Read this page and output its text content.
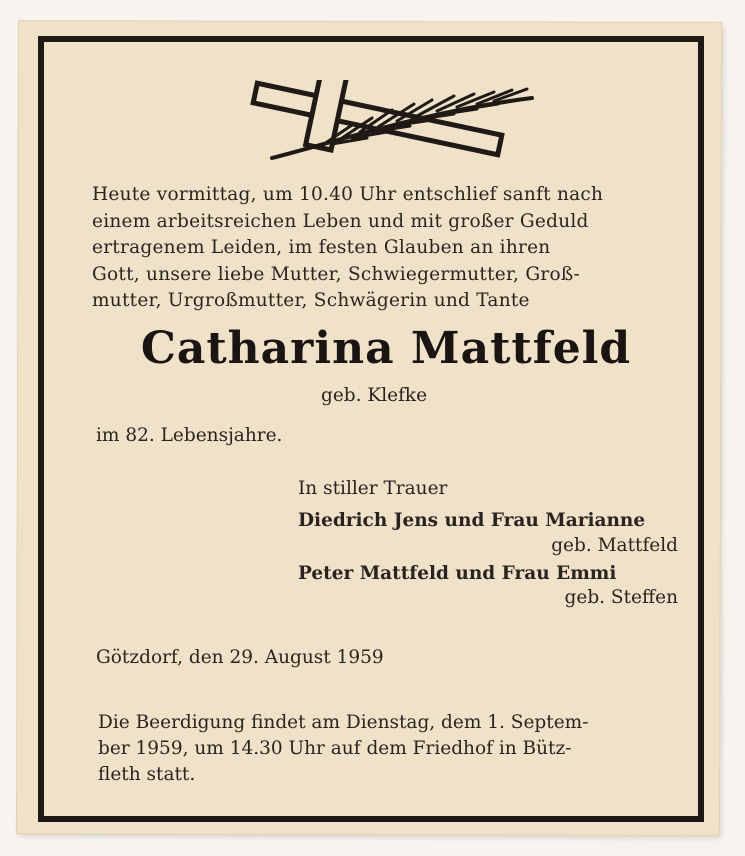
Heute vormittag, um 10.40 Uhr entschlief sanft nach
einem arbeitsreichen Leben und mit großer Geduld
ertragenem Leiden, im festen Glauben an ihren
Gott, unsere liebe Mutter, Schwiegermutter, Groß-
mutter, Urgroßmutter, Schwägerin und Tante
Catharina Mattfeld
geb. Klefke
im 82. Lebensjahre.
In stiller Trauer
Diedrich Jens und Frau Marianne
geb. Mattfeld
Peter Mattfeld und Frau Emmi
geb. Steffen
Götzdorf, den 29. August 1959
Die Beerdigung findet am Dienstag, dem 1. Septem-
ber 1959, um 14.30 Uhr auf dem Friedhof in Bütz-
fleth statt.
